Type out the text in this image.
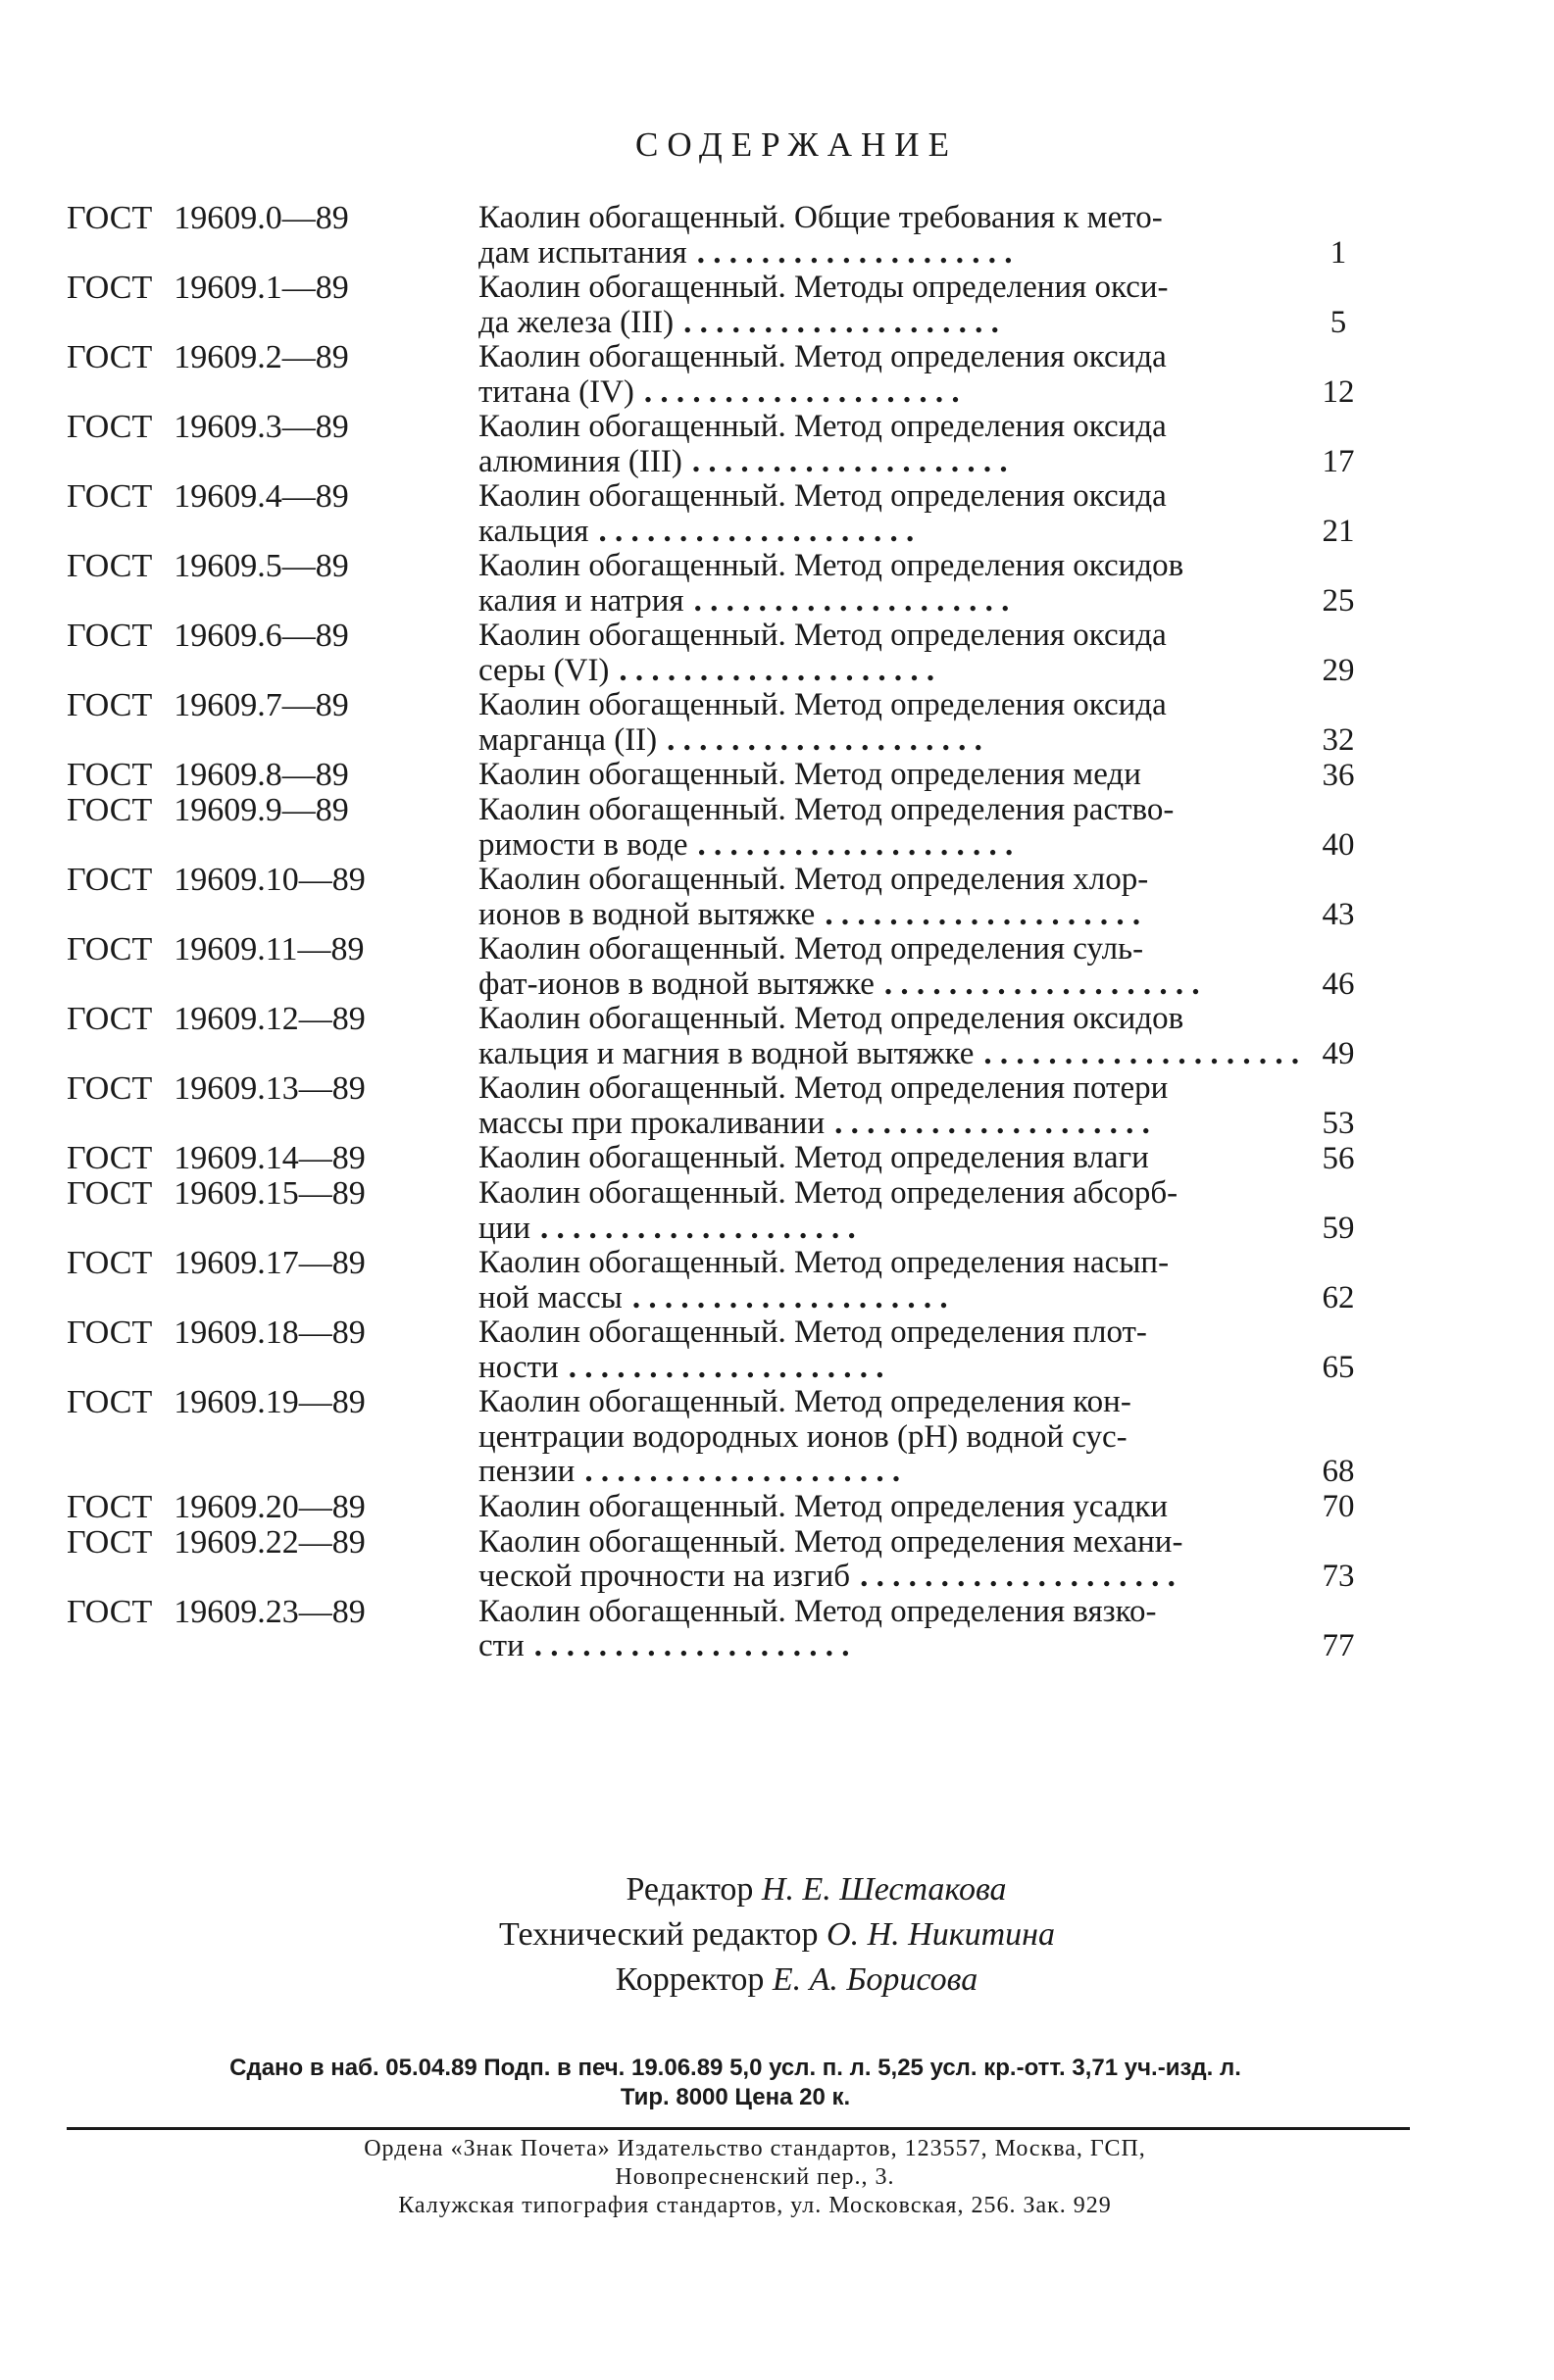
СОДЕРЖАНИЕ
ГОСТ 19609.0—89	Каолин обогащенный. Общие требования к мето-
дам испытания . . . . . . . . . . . . . . . . . . . .	1
ГОСТ 19609.1—89	Каолин обогащенный. Методы определения окси-
да железа (III) . . . . . . . . . . . . . . . . . . . .	5
ГОСТ 19609.2—89	Каолин обогащенный. Метод определения оксида
титана (IV) . . . . . . . . . . . . . . . . . . . .	12
ГОСТ 19609.3—89	Каолин обогащенный. Метод определения оксида
алюминия (III) . . . . . . . . . . . . . . . . . . . .	17
ГОСТ 19609.4—89	Каолин обогащенный. Метод определения оксида
кальция . . . . . . . . . . . . . . . . . . . .	21
ГОСТ 19609.5—89	Каолин обогащенный. Метод определения оксидов
калия и натрия . . . . . . . . . . . . . . . . . . . .	25
ГОСТ 19609.6—89	Каолин обогащенный. Метод определения оксида
серы (VI) . . . . . . . . . . . . . . . . . . . .	29
ГОСТ 19609.7—89	Каолин обогащенный. Метод определения оксида
марганца (II) . . . . . . . . . . . . . . . . . . . .	32
ГОСТ 19609.8—89	Каолин обогащенный. Метод определения меди	36
ГОСТ 19609.9—89	Каолин обогащенный. Метод определения раство-
римости в воде . . . . . . . . . . . . . . . . . . . .	40
ГОСТ 19609.10—89	Каолин обогащенный. Метод определения хлор-
ионов в водной вытяжке . . . . . . . . . . . . . . . . . . . .	43
ГОСТ 19609.11—89	Каолин обогащенный. Метод определения суль-
фат-ионов в водной вытяжке . . . . . . . . . . . . . . . . . . . .	46
ГОСТ 19609.12—89	Каолин обогащенный. Метод определения оксидов
кальция и магния в водной вытяжке . . . . . . . . . . . . . . . . . . . . 49
ГОСТ 19609.13—89	Каолин обогащенный. Метод определения потери
массы при прокаливании . . . . . . . . . . . . . . . . . . . .	53
ГОСТ 19609.14—89	Каолин обогащенный. Метод определения влаги	56
ГОСТ 19609.15—89	Каолин обогащенный. Метод определения абсорб-
ции . . . . . . . . . . . . . . . . . . . .	59
ГОСТ 19609.17—89	Каолин обогащенный. Метод определения насып-
ной массы . . . . . . . . . . . . . . . . . . . .	62
ГОСТ 19609.18—89	Каолин обогащенный. Метод определения плот-
ности . . . . . . . . . . . . . . . . . . . .	65
ГОСТ 19609.19—89	Каолин обогащенный. Метод определения кон-
центрации водородных ионов (pH) водной сус-
пензии . . . . . . . . . . . . . . . . . . . .	68
ГОСТ 19609.20—89	Каолин обогащенный. Метод определения усадки	70
ГОСТ 19609.22—89	Каолин обогащенный. Метод определения механи-
ческой прочности на изгиб . . . . . . . . . . . . . . . . . . . .	73
ГОСТ 19609.23—89	Каолин обогащенный. Метод определения вязко-
сти . . . . . . . . . . . . . . . . . . . .	77
Редактор Н. Е. Шестакова
Технический редактор О. Н. Никитина
Корректор Е. А. Борисова
Сдано в наб. 05.04.89 Подп. в печ. 19.06.89 5,0 усл. п. л. 5,25 усл. кр.-отт. 3,71 уч.-изд. л.
Тир. 8000 Цена 20 к.
Ордена «Знак Почета» Издательство стандартов, 123557, Москва, ГСП,
Новопресненский пер., 3.
Калужская типография стандартов, ул. Московская, 256. Зак. 929
